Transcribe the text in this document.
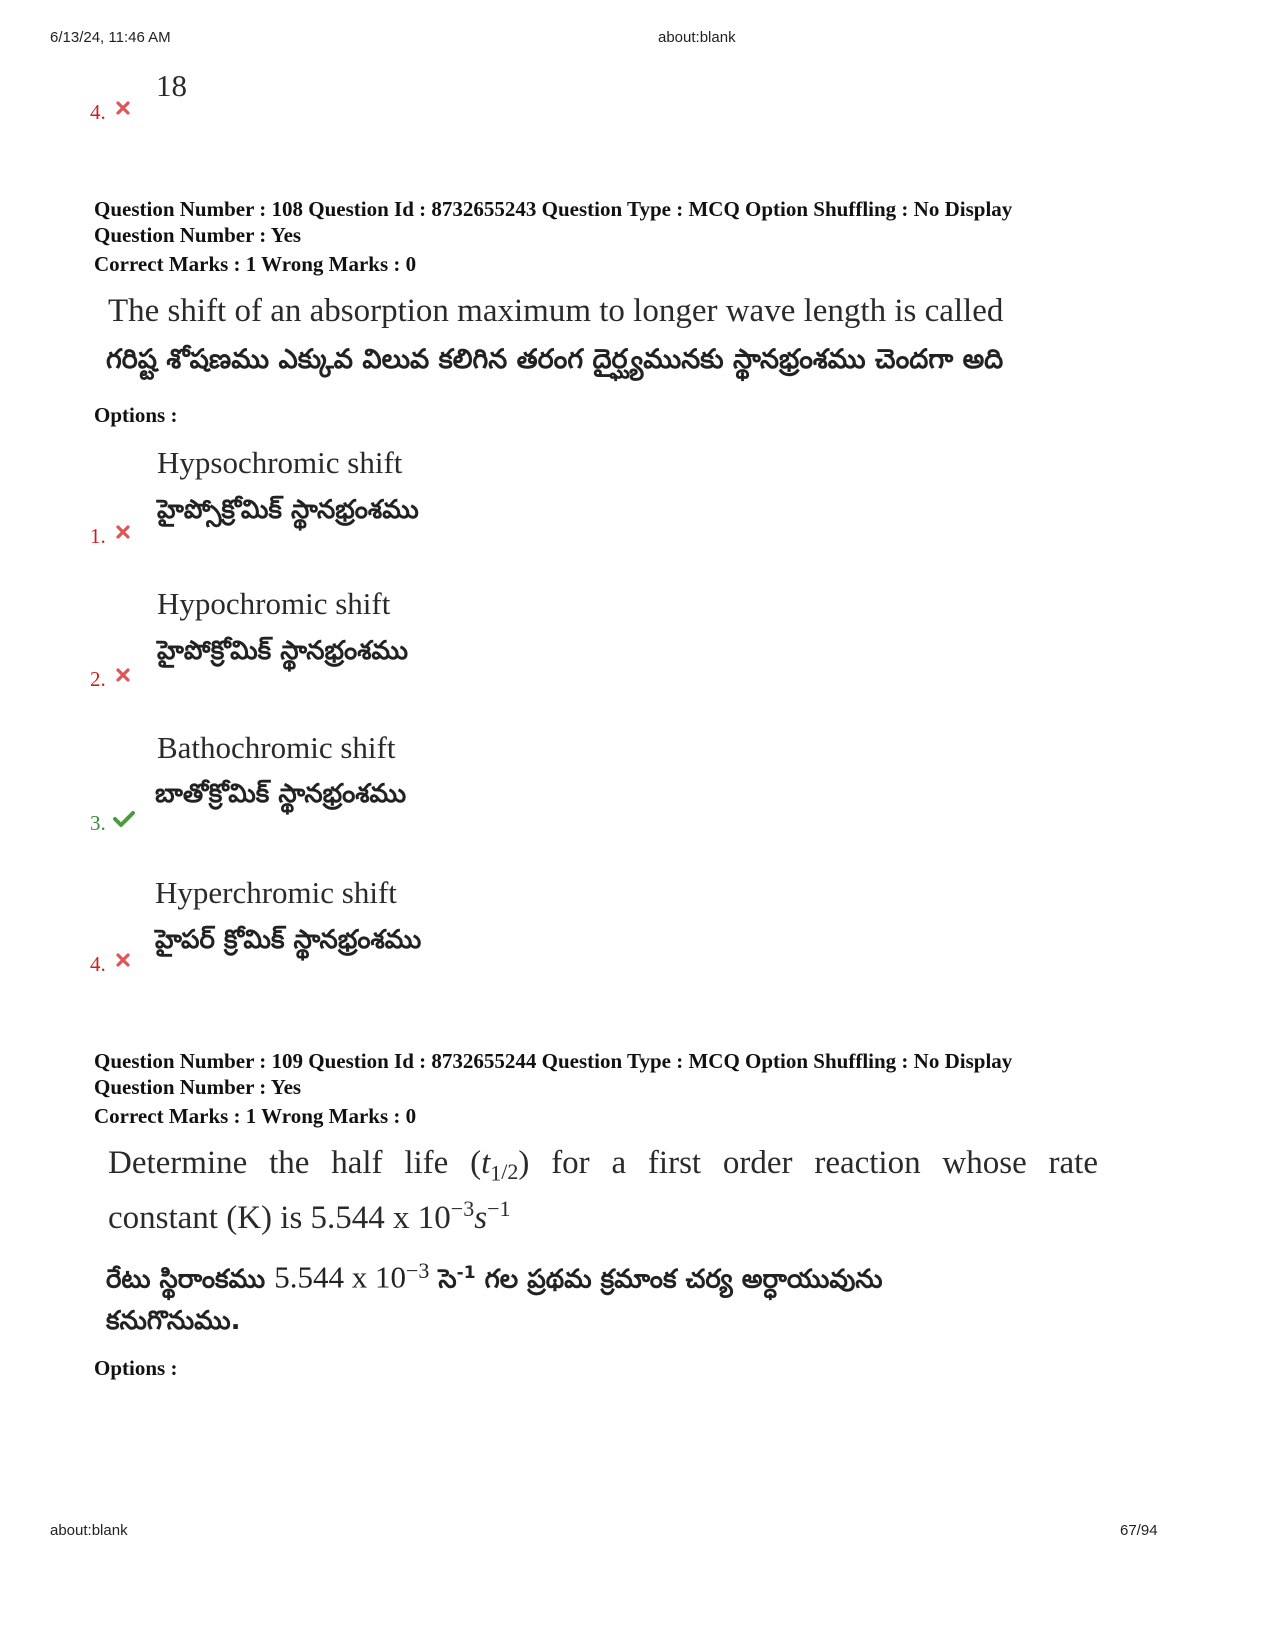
6/13/24, 11:46 AM	about:blank
4.
18
Question Number : 108 Question Id : 8732655243 Question Type : MCQ Option Shuffling : No Display
Question Number : Yes
Correct Marks : 1 Wrong Marks : 0
The shift of an absorption maximum to longer wave length is called
గరిష్ట శోషణము ఎక్కువ విలువ కలిగిన తరంగ దైర్ఘ్యమునకు స్థానభ్రంశము చెందగా అది
Options :
Hypsochromic shift
హైప్సోక్రోమిక్ స్థానభ్రంశము
1.
Hypochromic shift
హైపోక్రోమిక్ స్థానభ్రంశము
2.
Bathochromic shift
బాతోక్రోమిక్ స్థానభ్రంశము
3.
Hyperchromic shift
హైపర్ క్రోమిక్ స్థానభ్రంశము
4.
Question Number : 109 Question Id : 8732655244 Question Type : MCQ Option Shuffling : No Display
Question Number : Yes
Correct Marks : 1 Wrong Marks : 0
Determine the half life $(t_1/2)$ for a first order reaction whose rate
constant (K) is 5.544 x $10^{-3}s^{-1}$
రేటు స్థిరాంకము 5.544 x $10^{-3}$ సె$^{-1}$ గల ప్రథమ క్రమాంక చర్య అర్ధాయువును
కనుగొనుము.
Options :
about:blank	67/94
